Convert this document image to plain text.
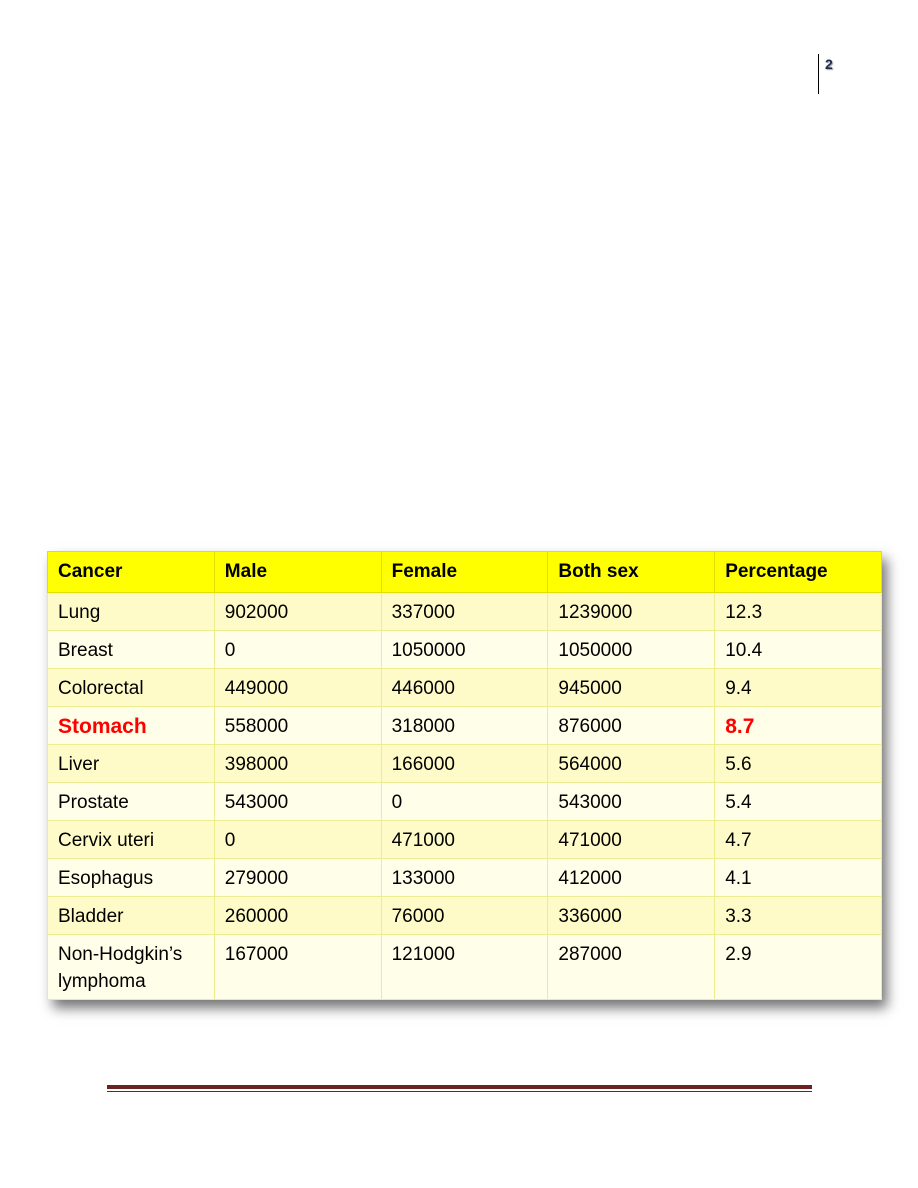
2
Cancer	Male	Female	Both sex	Percentage
Lung	902000	337000	1239000	12.3
Breast	0	1050000	1050000	10.4
Colorectal	449000	446000	945000	9.4
Stomach	558000	318000	876000	8.7
Liver	398000	166000	564000	5.6
Prostate	543000	0	543000	5.4
Cervix uteri	0	471000	471000	4.7
Esophagus	279000	133000	412000	4.1
Bladder	260000	76000	336000	3.3
Non-Hodgkin’s lymphoma	167000	121000	287000	2.9
